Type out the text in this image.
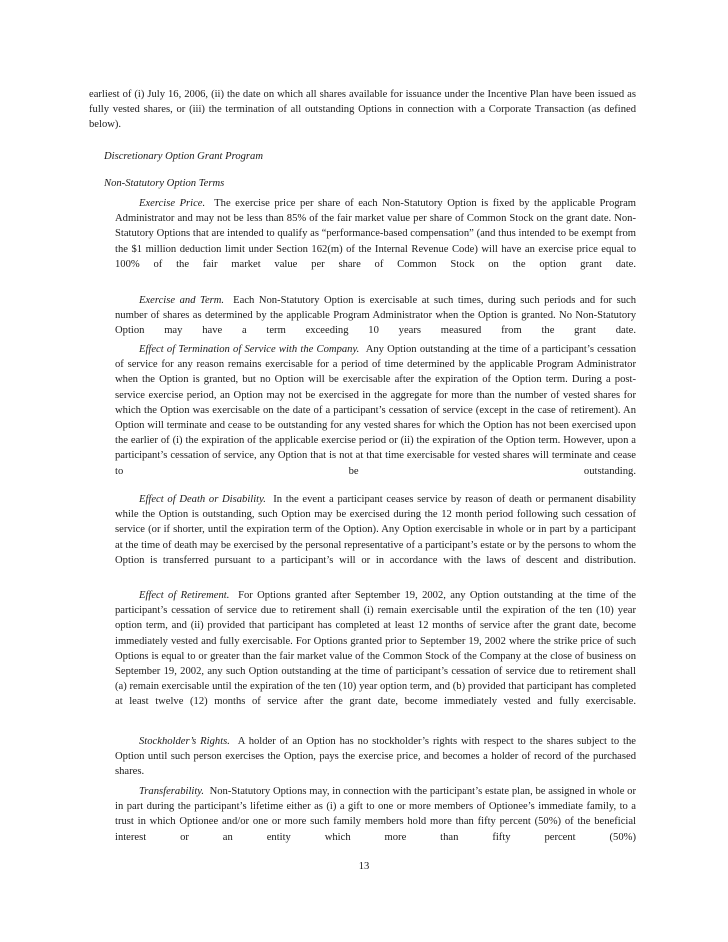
earliest of (i) July 16, 2006, (ii) the date on which all shares available for issuance under the Incentive Plan have been issued as fully vested shares, or (iii) the termination of all outstanding Options in connection with a Corporate Transaction (as defined below).

Discretionary Option Grant Program

Non-Statutory Option Terms

Exercise Price. The exercise price per share of each Non-Statutory Option is fixed by the applicable Program Administrator and may not be less than 85% of the fair market value per share of Common Stock on the grant date. Non-Statutory Options that are intended to qualify as “performance-based compensation” (and thus intended to be exempt from the $1 million deduction limit under Section 162(m) of the Internal Revenue Code) will have an exercise price equal to 100% of the fair market value per share of Common Stock on the option grant date.

Exercise and Term. Each Non-Statutory Option is exercisable at such times, during such periods and for such number of shares as determined by the applicable Program Administrator when the Option is granted. No Non-Statutory Option may have a term exceeding 10 years measured from the grant date.

Effect of Termination of Service with the Company. Any Option outstanding at the time of a participant’s cessation of service for any reason remains exercisable for a period of time determined by the applicable Program Administrator when the Option is granted, but no Option will be exercisable after the expiration of the Option term. During a post-service exercise period, an Option may not be exercised in the aggregate for more than the number of vested shares for which the Option was exercisable on the date of a participant’s cessation of service (except in the case of retirement). An Option will terminate and cease to be outstanding for any vested shares for which the Option has not been exercised upon the earlier of (i) the expiration of the applicable exercise period or (ii) the expiration of the Option term. However, upon a participant’s cessation of service, any Option that is not at that time exercisable for vested shares will terminate and cease to be outstanding.

Effect of Death or Disability. In the event a participant ceases service by reason of death or permanent disability while the Option is outstanding, such Option may be exercised during the 12 month period following such cessation of service (or if shorter, until the expiration term of the Option). Any Option exercisable in whole or in part by a participant at the time of death may be exercised by the personal representative of a participant’s estate or by the persons to whom the Option is transferred pursuant to a participant’s will or in accordance with the laws of descent and distribution.

Effect of Retirement. For Options granted after September 19, 2002, any Option outstanding at the time of the participant’s cessation of service due to retirement shall (i) remain exercisable until the expiration of the ten (10) year option term, and (ii) provided that participant has completed at least 12 months of service after the grant date, become immediately vested and fully exercisable. For Options granted prior to September 19, 2002 where the strike price of such Options is equal to or greater than the fair market value of the Common Stock of the Company at the close of business on September 19, 2002, any such Option outstanding at the time of participant’s cessation of service due to retirement shall (a) remain exercisable until the expiration of the ten (10) year option term, and (b) provided that participant has completed at least twelve (12) months of service after the grant date, become immediately vested and fully exercisable.

Stockholder’s Rights. A holder of an Option has no stockholder’s rights with respect to the shares subject to the Option until such person exercises the Option, pays the exercise price, and becomes a holder of record of the purchased shares.

Transferability. Non-Statutory Options may, in connection with the participant’s estate plan, be assigned in whole or in part during the participant’s lifetime either as (i) a gift to one or more members of Optionee’s immediate family, to a trust in which Optionee and/or one or more such family members hold more than fifty percent (50%) of the beneficial interest or an entity which more than fifty percent (50%)

13
